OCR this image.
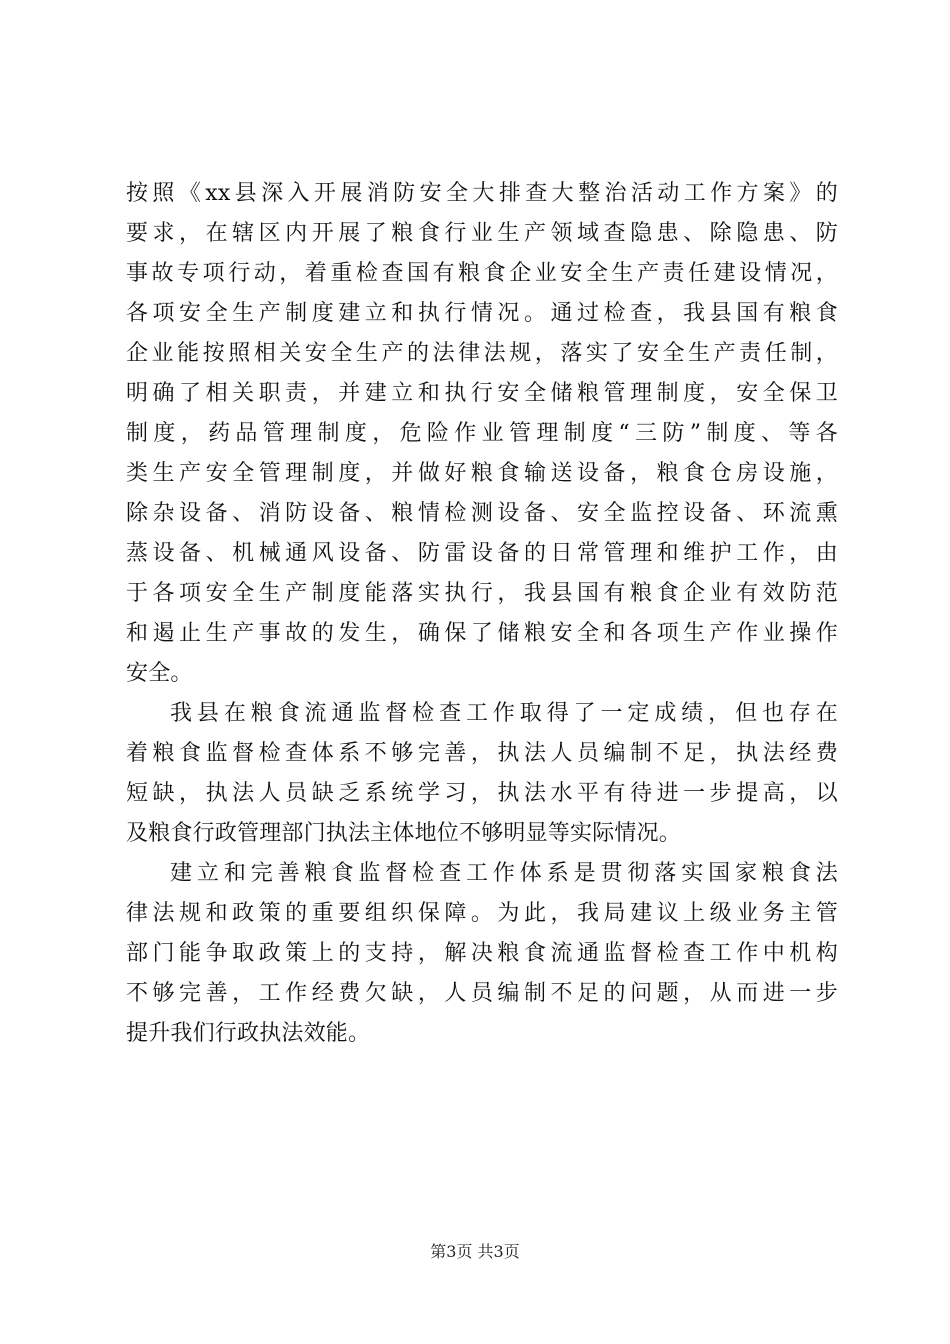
按照《xx县深入开展消防安全大排查大整治活动工作方案》的
要求，在辖区内开展了粮食行业生产领域查隐患、除隐患、防
事故专项行动，着重检查国有粮食企业安全生产责任建设情况，
各项安全生产制度建立和执行情况。通过检查，我县国有粮食
企业能按照相关安全生产的法律法规，落实了安全生产责任制，
明确了相关职责，并建立和执行安全储粮管理制度，安全保卫
制度，药品管理制度，危险作业管理制度“三防”制度、等各
类生产安全管理制度，并做好粮食输送设备，粮食仓房设施，
除杂设备、消防设备、粮情检测设备、安全监控设备、环流熏
蒸设备、机械通风设备、防雷设备的日常管理和维护工作，由
于各项安全生产制度能落实执行，我县国有粮食企业有效防范
和遏止生产事故的发生，确保了储粮安全和各项生产作业操作
安全。
我县在粮食流通监督检查工作取得了一定成绩，但也存在
着粮食监督检查体系不够完善，执法人员编制不足，执法经费
短缺，执法人员缺乏系统学习，执法水平有待进一步提高，以
及粮食行政管理部门执法主体地位不够明显等实际情况。
建立和完善粮食监督检查工作体系是贯彻落实国家粮食法
律法规和政策的重要组织保障。为此，我局建议上级业务主管
部门能争取政策上的支持，解决粮食流通监督检查工作中机构
不够完善，工作经费欠缺，人员编制不足的问题，从而进一步
提升我们行政执法效能。
第3页 共3页
